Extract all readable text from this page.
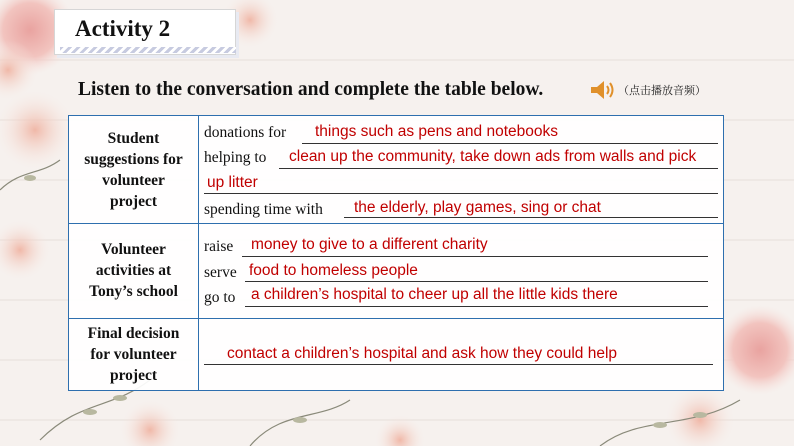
Activity 2
Listen to the conversation and complete the table below.	（点击播放音频）
Student
suggestions for
volunteer
project
donations for things such as pens and notebooks
helping to clean up the community, take down ads from walls and pick
up litter
spending time with the elderly, play games, sing or chat
Volunteer
activities at
Tony’s school
raise money to give to a different charity
serve food to homeless people
go to a children’s hospital to cheer up all the little kids there
Final decision
for volunteer
project
contact a children’s hospital and ask how they could help
